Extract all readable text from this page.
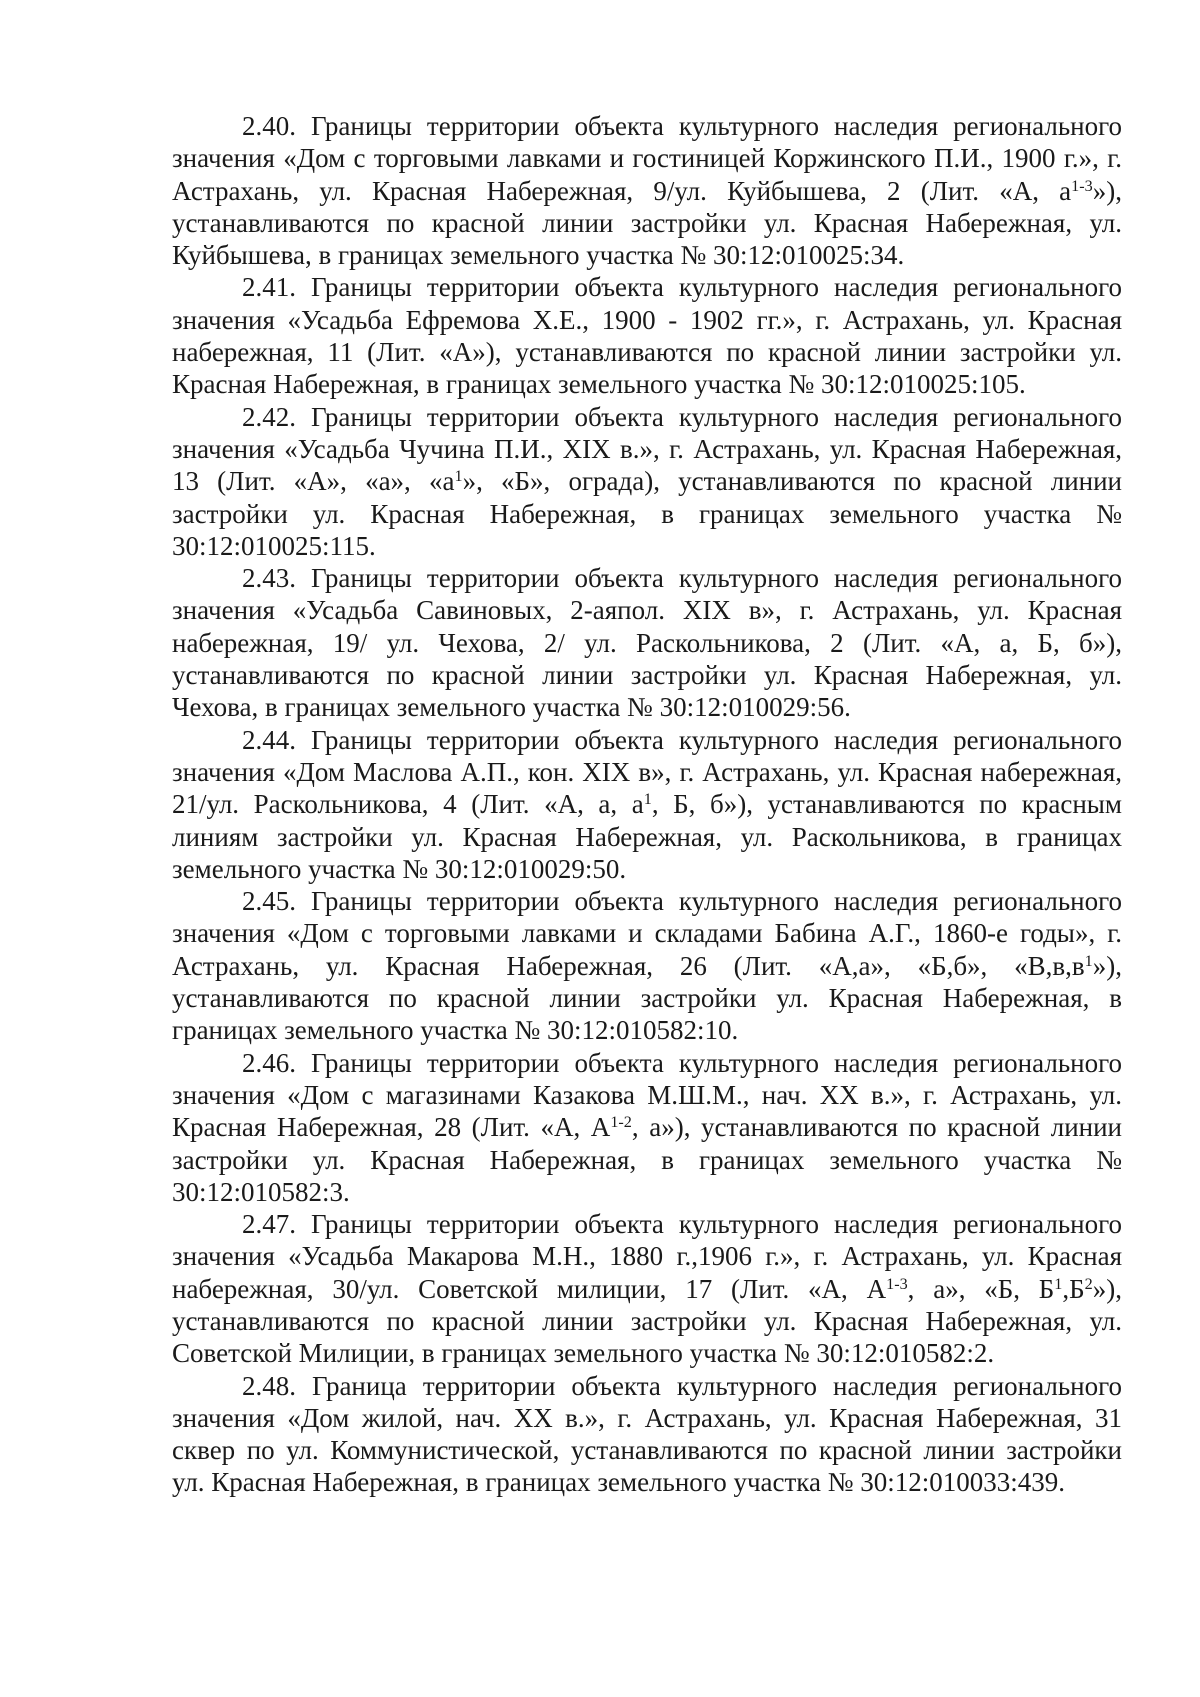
2.40. Границы территории объекта культурного наследия регионального значения «Дом с торговыми лавками и гостиницей Коржинского П.И., 1900 г.», г. Астрахань, ул. Красная Набережная, 9/ул. Куйбышева, 2 (Лит. «А, $а^{1-3}$»), устанавливаются по красной линии застройки ул. Красная Набережная, ул. Куйбышева, в границах земельного участка № 30:12:010025:34.

2.41. Границы территории объекта культурного наследия регионального значения «Усадьба Ефремова Х.Е., 1900 - 1902 гг.», г. Астрахань, ул. Красная набережная, 11 (Лит. «А»), устанавливаются по красной линии застройки ул. Красная Набережная, в границах земельного участка № 30:12:010025:105.

2.42. Границы территории объекта культурного наследия регионального значения «Усадьба Чучина П.И., XIX в.», г. Астрахань, ул. Красная Набережная, 13 (Лит. «А», «а», «$а^1$», «Б», ограда), устанавливаются по красной линии застройки ул. Красная Набережная, в границах земельного участка № 30:12:010025:115.

2.43. Границы территории объекта культурного наследия регионального значения «Усадьба Савиновых, 2-аяпол. XIX в», г. Астрахань, ул. Красная набережная, 19/ ул. Чехова, 2/ ул. Раскольникова, 2 (Лит. «А, а, Б, б»), устанавливаются по красной линии застройки ул. Красная Набережная, ул. Чехова, в границах земельного участка № 30:12:010029:56.

2.44. Границы территории объекта культурного наследия регионального значения «Дом Маслова А.П., кон. XIX в», г. Астрахань, ул. Красная набережная, 21/ул. Раскольникова, 4 (Лит. «А, а, $а^1$, Б, б»), устанавливаются по красным линиям застройки ул. Красная Набережная, ул. Раскольникова, в границах земельного участка № 30:12:010029:50.

2.45. Границы территории объекта культурного наследия регионального значения «Дом с торговыми лавками и складами Бабина А.Г., 1860-е годы», г. Астрахань, ул. Красная Набережная, 26 (Лит. «А,а», «Б,б», «$В,в,в^1$»), устанавливаются по красной линии застройки ул. Красная Набережная, в границах земельного участка № 30:12:010582:10.

2.46. Границы территории объекта культурного наследия регионального значения «Дом с магазинами Казакова М.Ш.М., нач. XX в.», г. Астрахань, ул. Красная Набережная, 28 (Лит. «А, $А^{1-2}$, а»), устанавливаются по красной линии застройки ул. Красная Набережная, в границах земельного участка № 30:12:010582:3.

2.47. Границы территории объекта культурного наследия регионального значения «Усадьба Макарова М.Н., 1880 г.,1906 г.», г. Астрахань, ул. Красная набережная, 30/ул. Советской милиции, 17 (Лит. «А, $А^{1-3}$, а», «Б, $Б^1,Б^2$»), устанавливаются по красной линии застройки ул. Красная Набережная, ул. Советской Милиции, в границах земельного участка № 30:12:010582:2.

2.48. Граница территории объекта культурного наследия регионального значения «Дом жилой, нач. XX в.», г. Астрахань, ул. Красная Набережная, 31 сквер по ул. Коммунистической, устанавливаются по красной линии застройки ул. Красная Набережная, в границах земельного участка № 30:12:010033:439.
